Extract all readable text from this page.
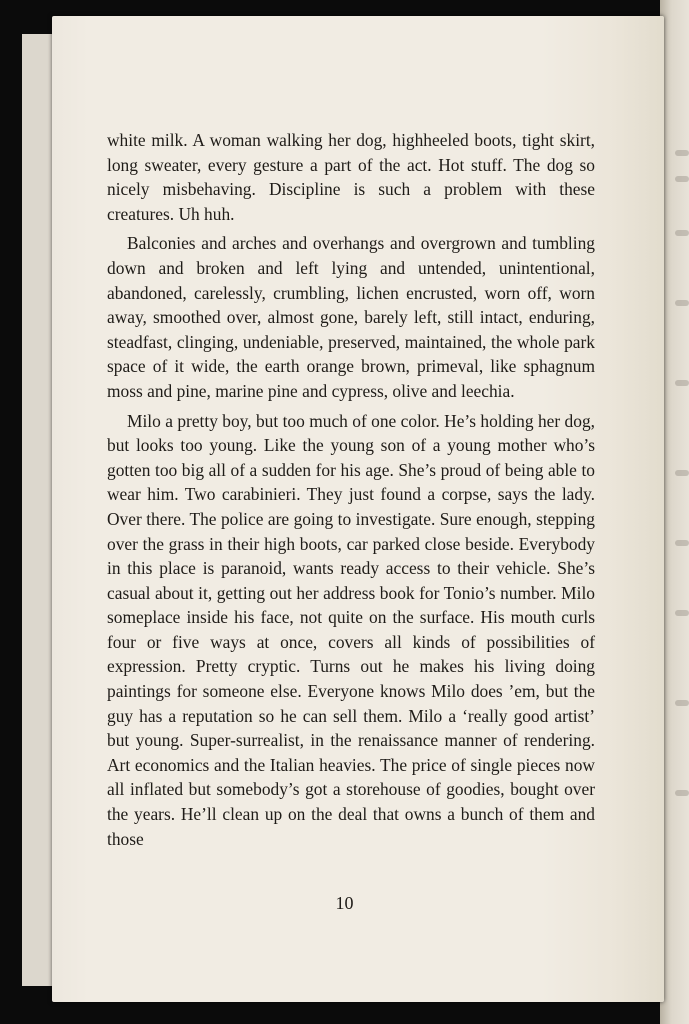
white milk. A woman walking her dog, highheeled boots, tight skirt, long sweater, every gesture a part of the act. Hot stuff. The dog so nicely misbehaving. Discipline is such a problem with these creatures. Uh huh.

Balconies and arches and overhangs and overgrown and tumbling down and broken and left lying and untended, unintentional, abandoned, carelessly, crumbling, lichen encrusted, worn off, worn away, smoothed over, almost gone, barely left, still intact, enduring, steadfast, clinging, undeniable, preserved, maintained, the whole park space of it wide, the earth orange brown, primeval, like sphagnum moss and pine, marine pine and cypress, olive and leechia.

Milo a pretty boy, but too much of one color. He’s holding her dog, but looks too young. Like the young son of a young mother who’s gotten too big all of a sudden for his age. She’s proud of being able to wear him. Two carabinieri. They just found a corpse, says the lady. Over there. The police are going to investigate. Sure enough, stepping over the grass in their high boots, car parked close beside. Everybody in this place is paranoid, wants ready access to their vehicle. She’s casual about it, getting out her address book for Tonio’s number. Milo someplace inside his face, not quite on the surface. His mouth curls four or five ways at once, covers all kinds of possibilities of expression. Pretty cryptic. Turns out he makes his living doing paintings for someone else. Everyone knows Milo does ’em, but the guy has a reputation so he can sell them. Milo a ‘really good artist’ but young. Super-surrealist, in the renaissance manner of rendering. Art economics and the Italian heavies. The price of single pieces now all inflated but somebody’s got a storehouse of goodies, bought over the years. He’ll clean up on the deal that owns a bunch of them and those

10
